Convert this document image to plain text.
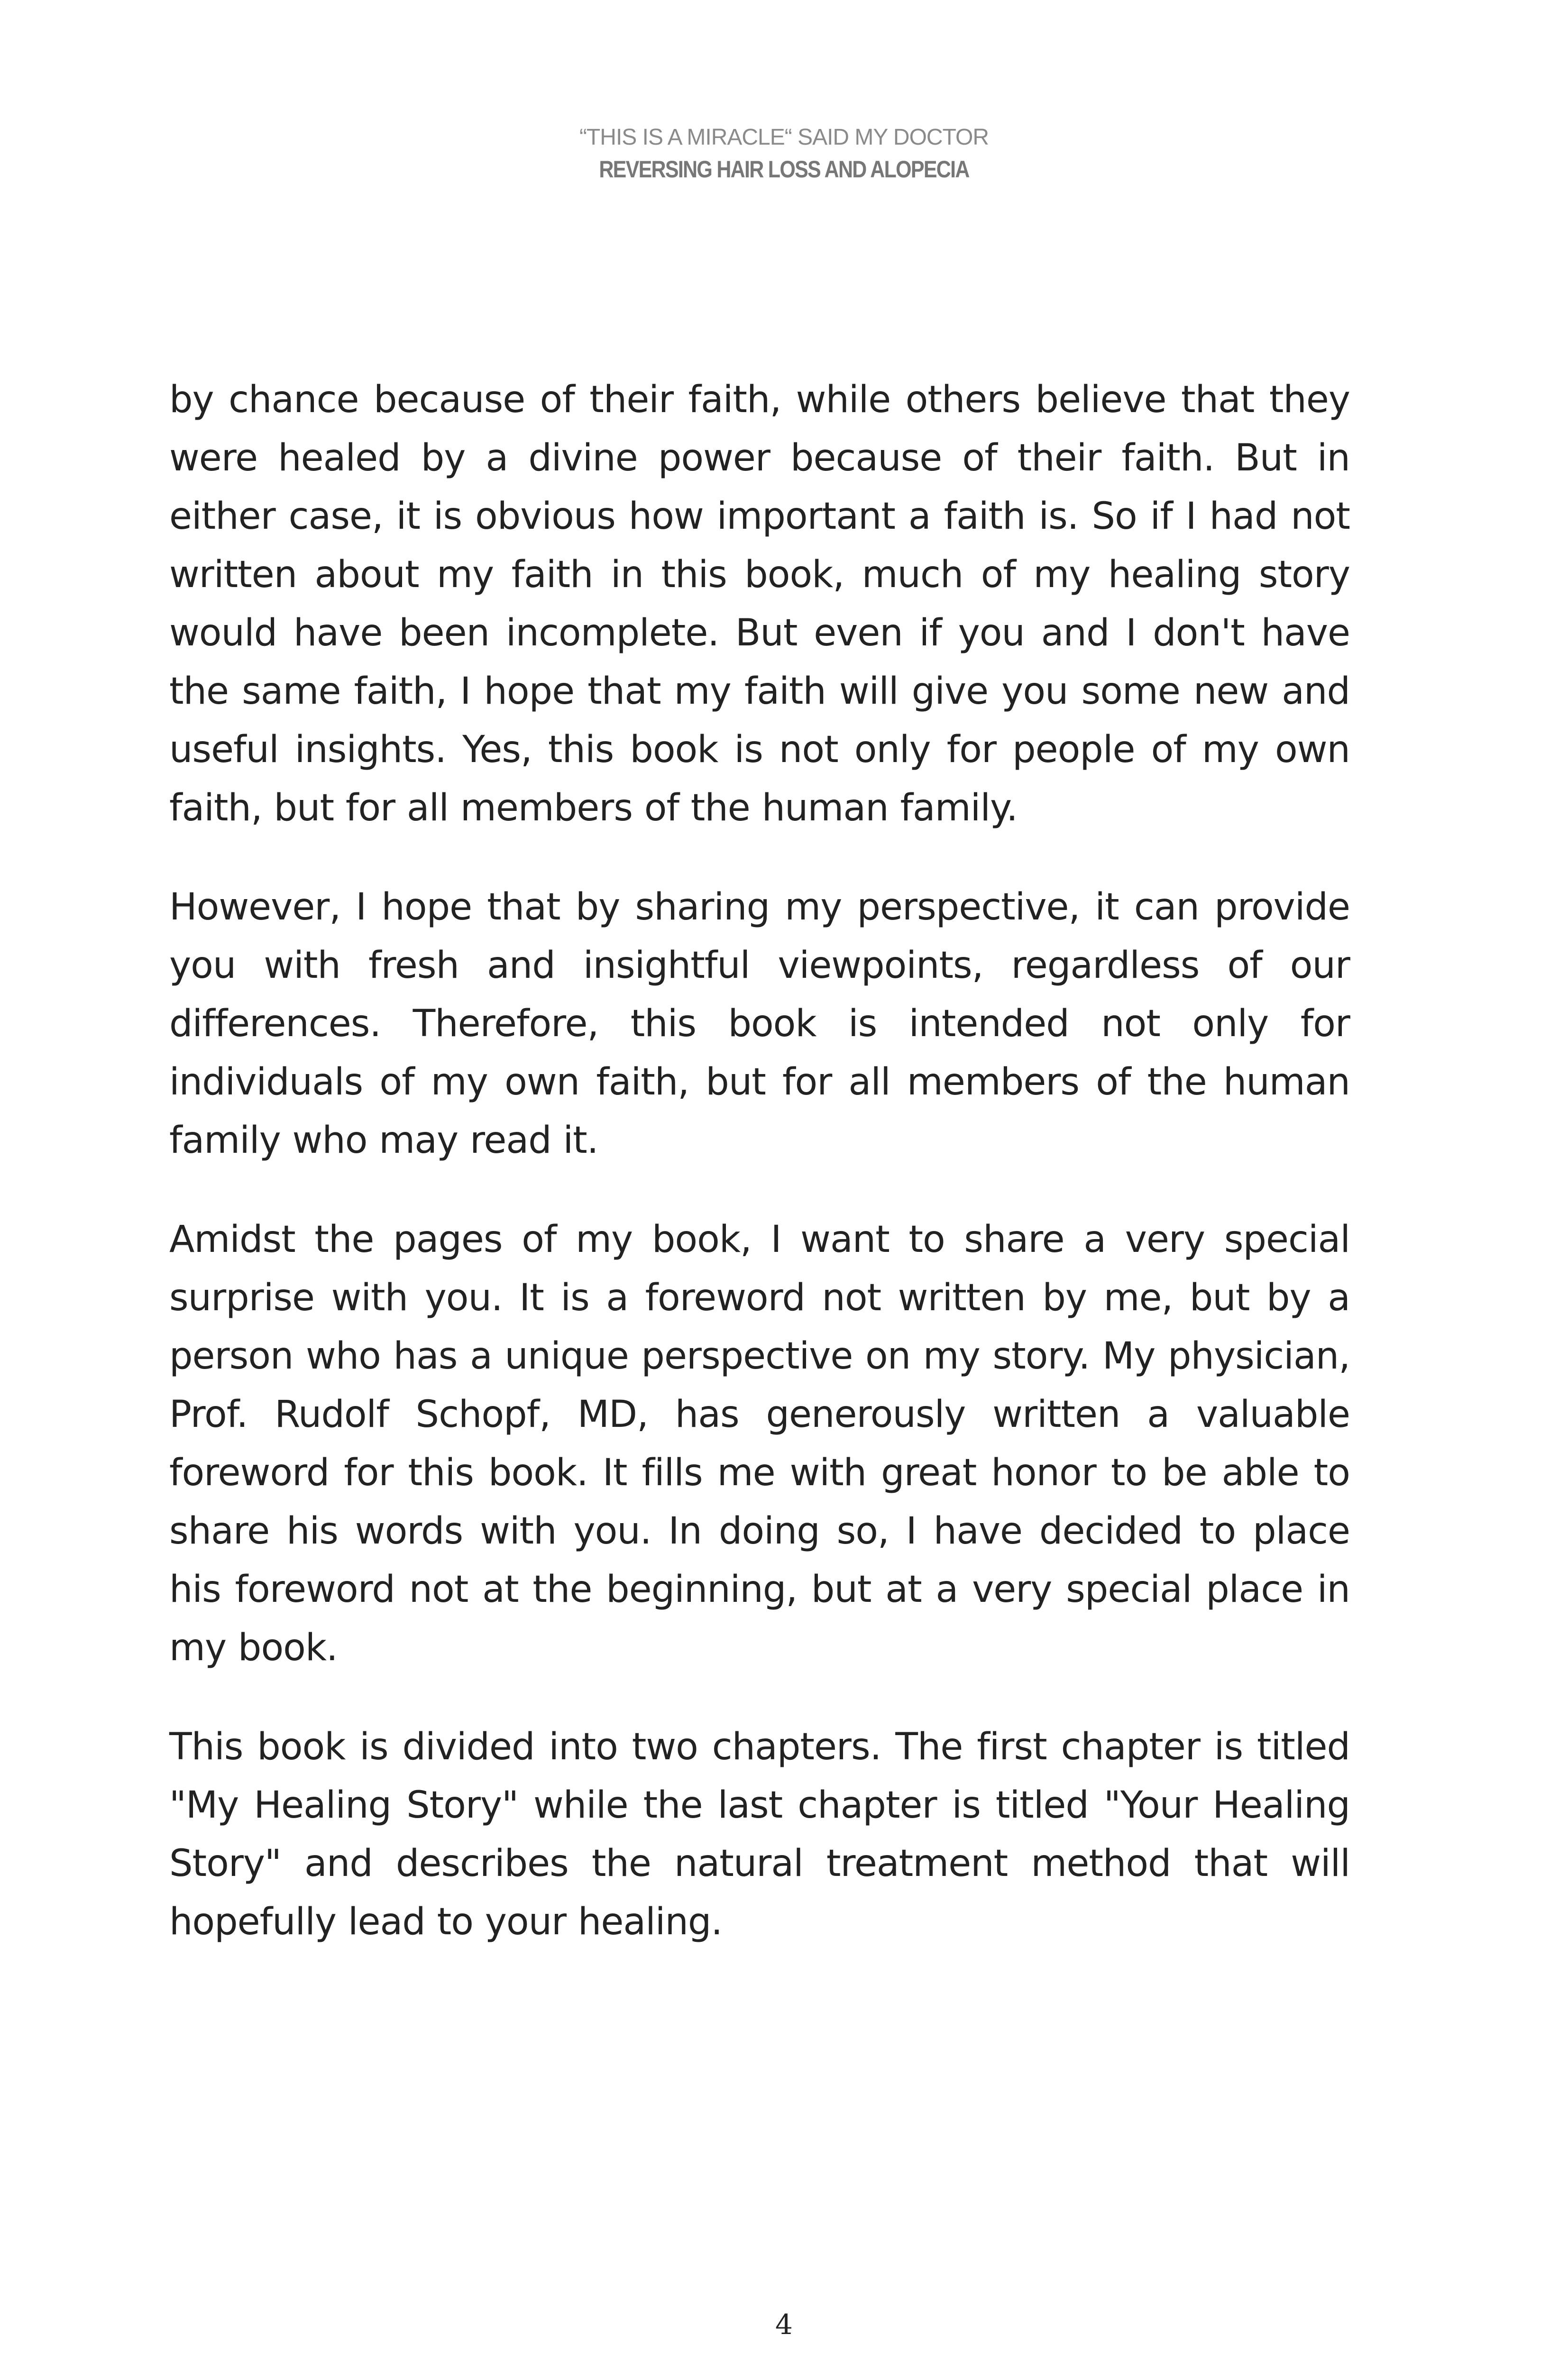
“THIS IS A MIRACLE“ SAID MY DOCTOR
REVERSING HAIR LOSS AND ALOPECIA

by chance because of their faith, while others believe that they were healed by a divine power because of their faith. But in either case, it is obvious how important a faith is. So if I had not written about my faith in this book, much of my healing story would have been incomplete. But even if you and I don't have the same faith, I hope that my faith will give you some new and useful insights. Yes, this book is not only for people of my own faith, but for all members of the human family.

However, I hope that by sharing my perspective, it can provide you with fresh and insightful viewpoints, regardless of our differences. Therefore, this book is intended not only for individuals of my own faith, but for all members of the human family who may read it.

Amidst the pages of my book, I want to share a very special surprise with you. It is a foreword not written by me, but by a person who has a unique perspective on my story. My physician, Prof. Rudolf Schopf, MD, has generously written a valuable foreword for this book. It fills me with great honor to be able to share his words with you. In doing so, I have decided to place his foreword not at the beginning, but at a very special place in my book.

This book is divided into two chapters. The first chapter is titled "My Healing Story" while the last chapter is titled "Your Healing Story" and describes the natural treatment method that will hopefully lead to your healing.

4
